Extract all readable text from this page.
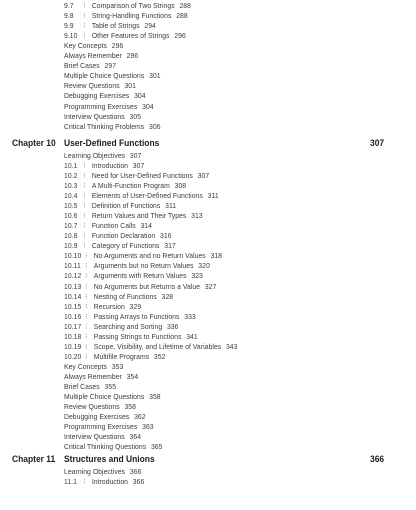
9.7 ⁝ Comparison of Two Strings 288
9.8 ⁝ String-Handling Functions 288
9.9 ⁝ Table of Strings 294
9.10 ⁝ Other Features of Strings 296
Key Concepts 296
Always Remember 296
Brief Cases 297
Multiple Choice Questions 301
Review Questions 301
Debugging Exercises 304
Programming Exercises 304
Interview Questions 305
Critical Thinking Problems 306
Chapter 10 User-Defined Functions	307
Learning Objectives 307
10.1 ⁝ Introduction 307
10.2 ⁝ Need for User-Defined Functions 307
10.3 ⁝ A Multi-Function Program 308
10.4 ⁝ Elements of User-Defined Functions 311
10.5 ⁝ Definition of Functions 311
10.6 ⁝ Return Values and Their Types 313
10.7 ⁝ Function Calls 314
10.8 ⁝ Function Declaration 316
10.9 ⁝ Category of Functions 317
10.10 ⁝ No Arguments and no Return Values 318
10.11 ⁝ Arguments but no Return Values 320
10.12 ⁝ Arguments with Return Values 323
10.13 ⁝ No Arguments but Returns a Value 327
10.14 ⁝ Nesting of Functions 328
10.15 ⁝ Recursion 329
10.16 ⁝ Passing Arrays to Functions 333
10.17 ⁝ Searching and Sorting 336
10.18 ⁝ Passing Strings to Functions 341
10.19 ⁝ Scope, Visibility, and Lifetime of Variables 343
10.20 ⁝ Multifile Programs 352
Key Concepts 353
Always Remember 354
Brief Cases 355
Multiple Choice Questions 358
Review Questions 358
Debugging Exercises 362
Programming Exercises 363
Interview Questions 364
Critical Thinking Questions 365
Chapter 11 Structures and Unions	366
Learning Objectives 366
11.1 ⁝ Introduction 366
